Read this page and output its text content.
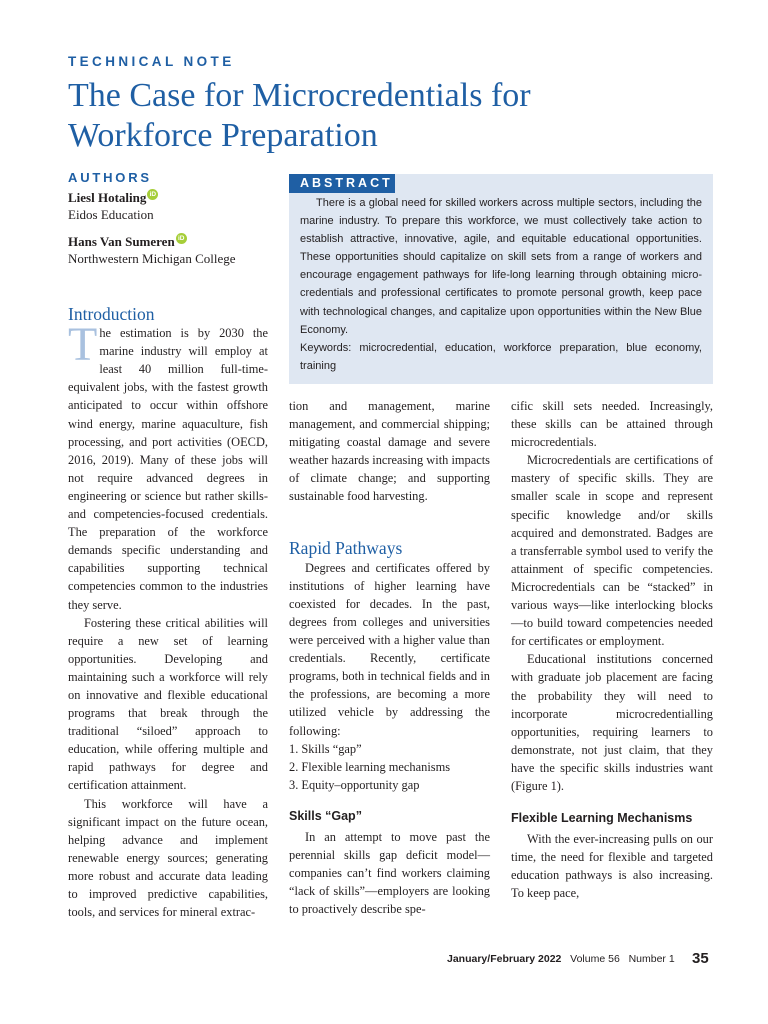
TECHNICAL NOTE
The Case for Microcredentials for
Workforce Preparation
AUTHORS
Liesl Hotaling iD
Eidos Education
Hans Van Sumeren iD
Northwestern Michigan College
ABSTRACT

There is a global need for skilled workers across multiple sectors, including the marine industry. To prepare this workforce, we must collectively take action to establish attractive, innovative, agile, and equitable educational opportunities. These opportunities should capitalize on skill sets from a range of workers and encourage engagement pathways for life-long learning through obtaining micro-credentials and professional certificates to promote personal growth, keep pace with technological changes, and capitalize upon opportunities within the New Blue Economy.

Keywords: microcredential, education, workforce preparation, blue economy, training

Introduction

The estimation is by 2030 the marine industry will employ at least 40 million full-time-equivalent jobs, with the fastest growth anticipated to occur within offshore wind energy, marine aquaculture, fish processing, and port activities (OECD, 2016, 2019). Many of these jobs will not require advanced degrees in engineering or science but rather skills- and competencies-focused credentials. The preparation of the workforce demands specific understanding and capabilities supporting technical competencies common to the industries they serve.

Fostering these critical abilities will require a new set of learning opportunities. Developing and maintaining such a workforce will rely on innovative and flexible educational programs that break through the traditional “siloed” approach to education, while offering multiple and rapid pathways for degree and certification attainment.

This workforce will have a significant impact on the future ocean, helping advance and implement renewable energy sources; generating more robust and accurate data leading to improved predictive capabilities, tools, and services for mineral extrac-

tion and management, marine management, and commercial shipping; mitigating coastal damage and severe weather hazards increasing with impacts of climate change; and supporting sustainable food harvesting.

Rapid Pathways

Degrees and certificates offered by institutions of higher learning have coexisted for decades. In the past, degrees from colleges and universities were perceived with a higher value than credentials. Recently, certificate programs, both in technical fields and in the professions, are becoming a more utilized vehicle by addressing the following:

1. Skills “gap”
2. Flexible learning mechanisms
3. Equity–opportunity gap
Skills “Gap”

In an attempt to move past the perennial skills gap deficit model—companies can’t find workers claiming “lack of skills”—employers are looking to proactively describe spe-

cific skill sets needed. Increasingly, these skills can be attained through microcredentials.

Microcredentials are certifications of mastery of specific skills. They are smaller scale in scope and represent specific knowledge and/or skills acquired and demonstrated. Badges are a transferrable symbol used to verify the attainment of specific competencies. Microcredentials can be “stacked” in various ways—like interlocking blocks—to build toward competencies needed for certificates or employment.

Educational institutions concerned with graduate job placement are facing the probability they will need to incorporate microcredentialling opportunities, requiring learners to demonstrate, not just claim, that they have the specific skills industries want (Figure 1).

Flexible Learning Mechanisms

With the ever-increasing pulls on our time, the need for flexible and targeted education pathways is also increasing. To keep pace,

January/February 2022 Volume 56 Number 1 35
